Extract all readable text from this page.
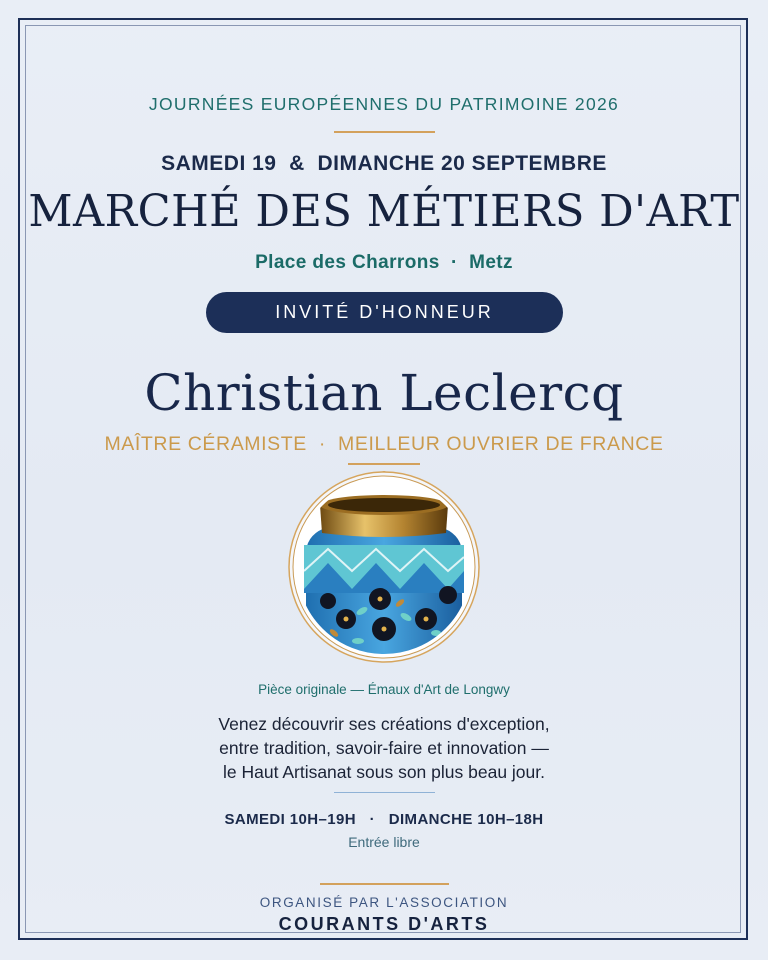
JOURNÉES EUROPÉENNES DU PATRIMOINE 2026
SAMEDI 19  &  DIMANCHE 20 SEPTEMBRE
MARCHÉ DES MÉTIERS D'ART
Place des Charrons  ·  Metz
INVITÉ D'HONNEUR
Christian Leclercq
MAÎTRE CÉRAMISTE  ·  MEILLEUR OUVRIER DE FRANCE
Pièce originale — Émaux d'Art de Longwy
Venez découvrir ses créations d'exception,
entre tradition, savoir-faire et innovation —
le Haut Artisanat sous son plus beau jour.
SAMEDI 10H–19H   ·   DIMANCHE 10H–18H
Entrée libre
ORGANISÉ PAR L'ASSOCIATION
COURANTS D'ARTS
